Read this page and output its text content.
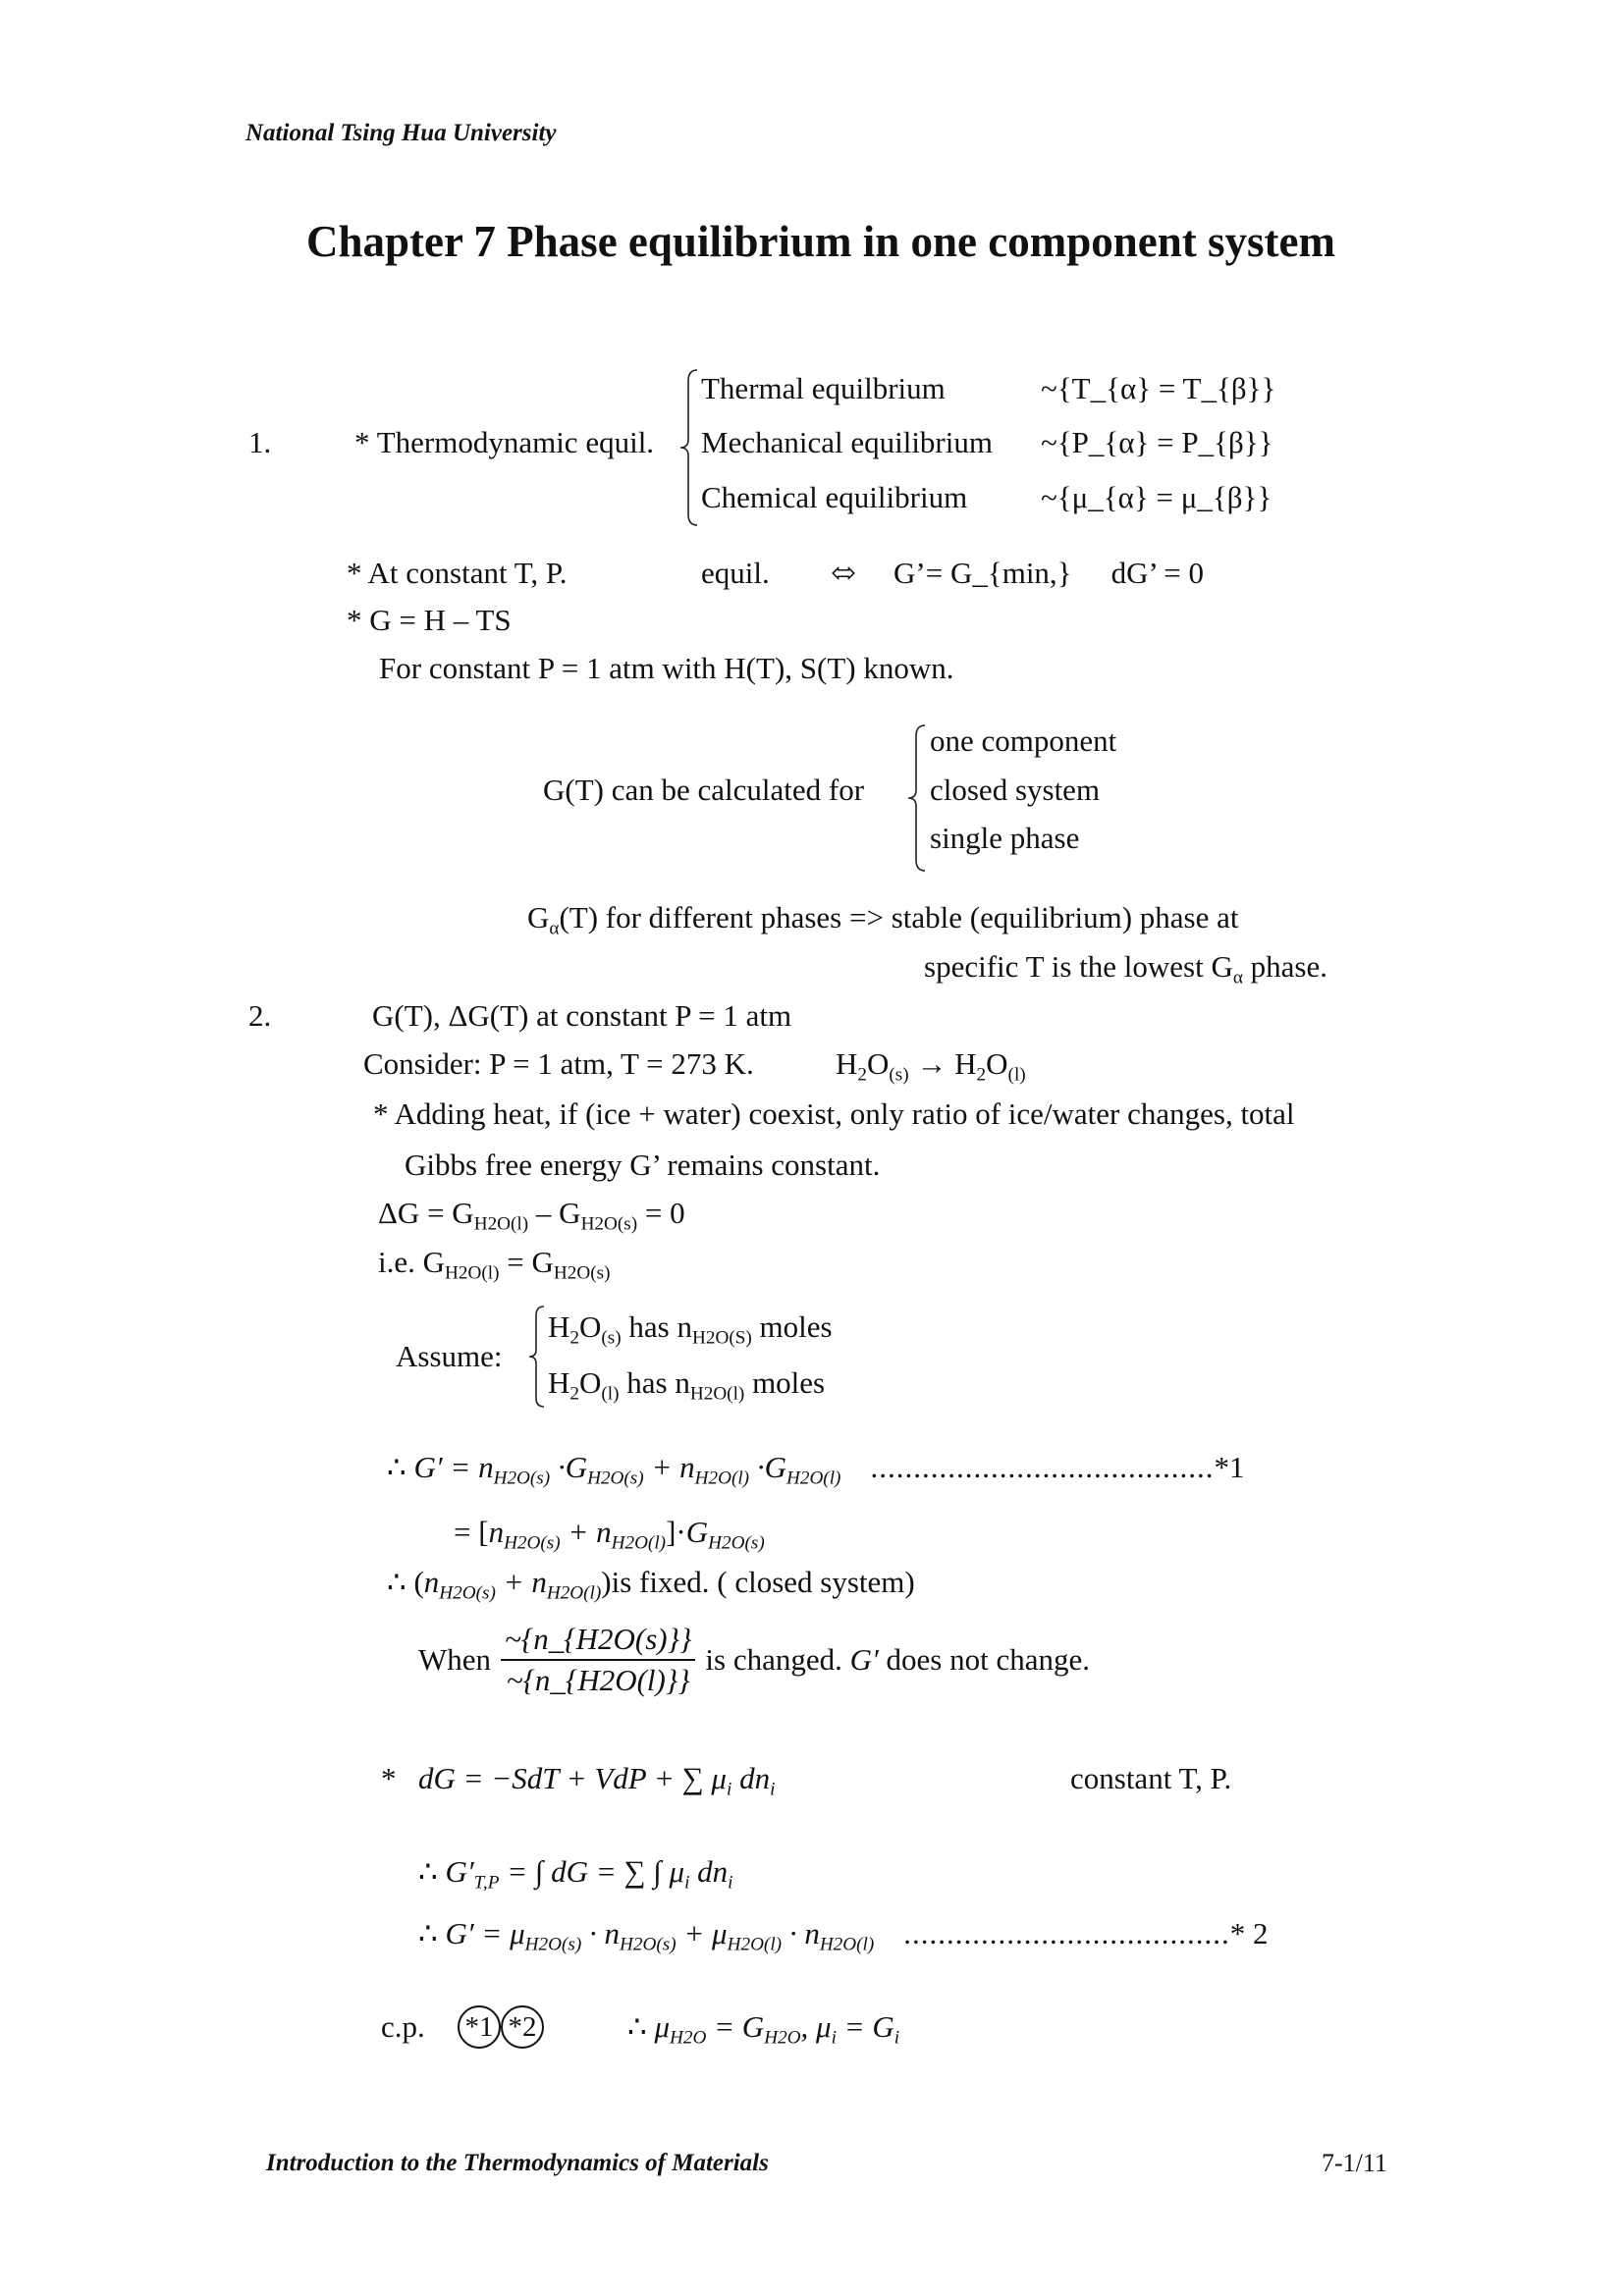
National Tsing Hua University
Chapter 7 Phase equilibrium in one component system
1.	* Thermodynamic equil.
Thermal equilbrium	~{T_{α} = T_{β}}
Mechanical equilibrium ~{P_{α} = P_{β}}
Chemical equilibrium ~{μ_{α} = μ_{β}}
* At constant T, P.	equil. ⬄ G’= G_{min,} dG’ = 0
* G = H – TS
For constant P = 1 atm with H(T), S(T) known.
G(T) can be calculated for
one component
closed system
single phase
$G_\alpha(T)$ for different phases => stable (equilibrium) phase at
specific T is the lowest $G_\alpha$ phase.
2.	G(T), ΔG(T) at constant P = 1 atm
Consider: P = 1 atm, T = 273 K.	$H_2O_{(s)} \to H_2O_{(l)}$
* Adding heat, if (ice + water) coexist, only ratio of ice/water changes, total
Gibbs free energy G’ remains constant.
$\Delta G = G_{H2O(l)} - G_{H2O(s)} = 0$
i.e. $G_{H2O(l)} = G_{H2O(s)}$
Assume:
$H_2O_{(s)}$ has $n_{H2O(S)}$ moles
$H_2O_{(l)}$ has $n_{H2O(l)}$ moles
∴ $G' = n_{H2O(s)} \cdot G_{H2O(s)} + n_{H2O(l)} \cdot G_{H2O(l)}$ ........................................*1
= $[n_{H2O(s)} + n_{H2O(l)}]\cdot G_{H2O(s)}$
∴ $(n_{H2O(s)} + n_{H2O(l)})is$ fixed. ( closed system)
When $\frac{\sim\{n\_\{H2O(s)\}\}}{\sim\{n\_\{H2O(l)\}\}}$ is changed. G′ does not change.
* dG = −SdT + VdP + ∑ $\mu_i$ $dn_i$	constant T, P.
∴ $G'_{T,P}$ = ∫ dG = ∑ ∫ $\mu_i$ $dn_i$
∴ $G' = \mu_{H2O(s)} \cdot n_{H2O(s)} + \mu_{H2O(l)} \cdot n_{H2O(l)}$ ......................................* 2
c.p. *1 *2	∴ $\mu_{H2O} = G_{H2O}$, $\mu_i = G_i$
Introduction to the Thermodynamics of Materials	7-1/11
